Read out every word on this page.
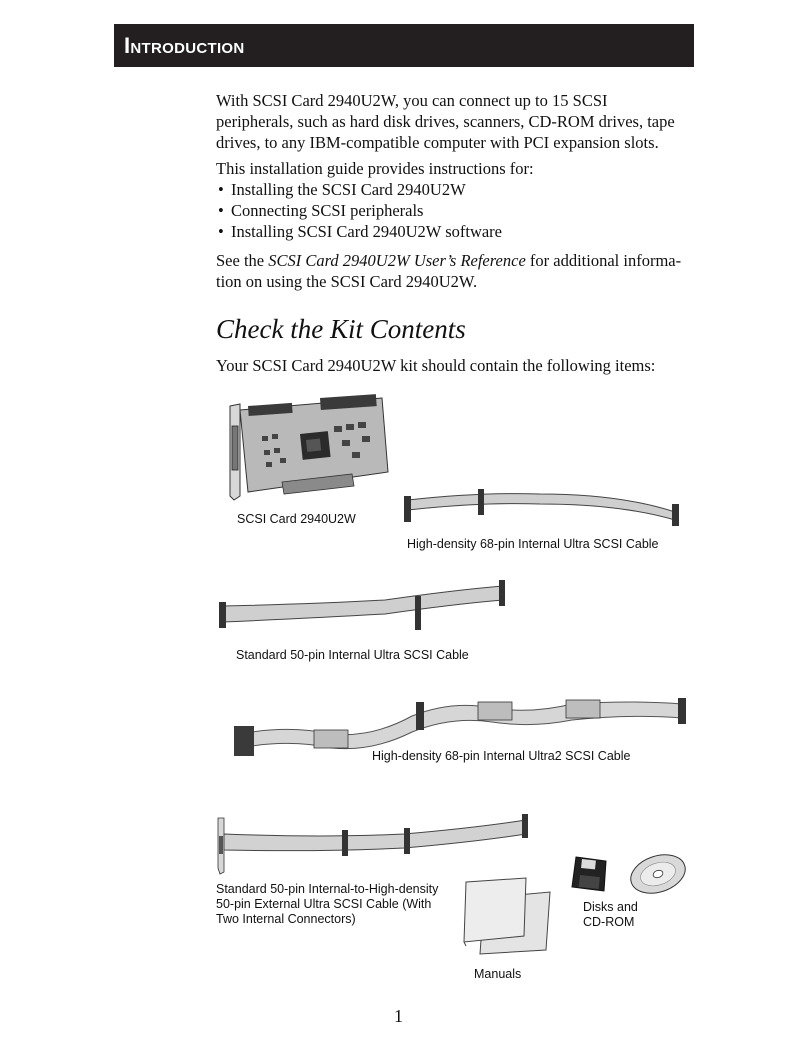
Introduction

With SCSI Card 2940U2W, you can connect up to 15 SCSI peripherals, such as hard disk drives, scanners, CD-ROM drives, tape drives, to any IBM-compatible computer with PCI expansion slots.

This installation guide provides instructions for:

• Installing the SCSI Card 2940U2W
• Connecting SCSI peripherals
• Installing SCSI Card 2940U2W software

See the SCSI Card 2940U2W User’s Reference for additional informa-tion on using the SCSI Card 2940U2W.

Check the Kit Contents
Your SCSI Card 2940U2W kit should contain the following items:
SCSI Card 2940U2W
High-density 68-pin Internal Ultra SCSI Cable
Standard 50-pin Internal Ultra SCSI Cable
High-density 68-pin Internal Ultra2 SCSI Cable
Standard 50-pin Internal-to-High-density 50-pin External Ultra SCSI Cable (With Two Internal Connectors)
Manuals
Disks and CD-ROM
1
